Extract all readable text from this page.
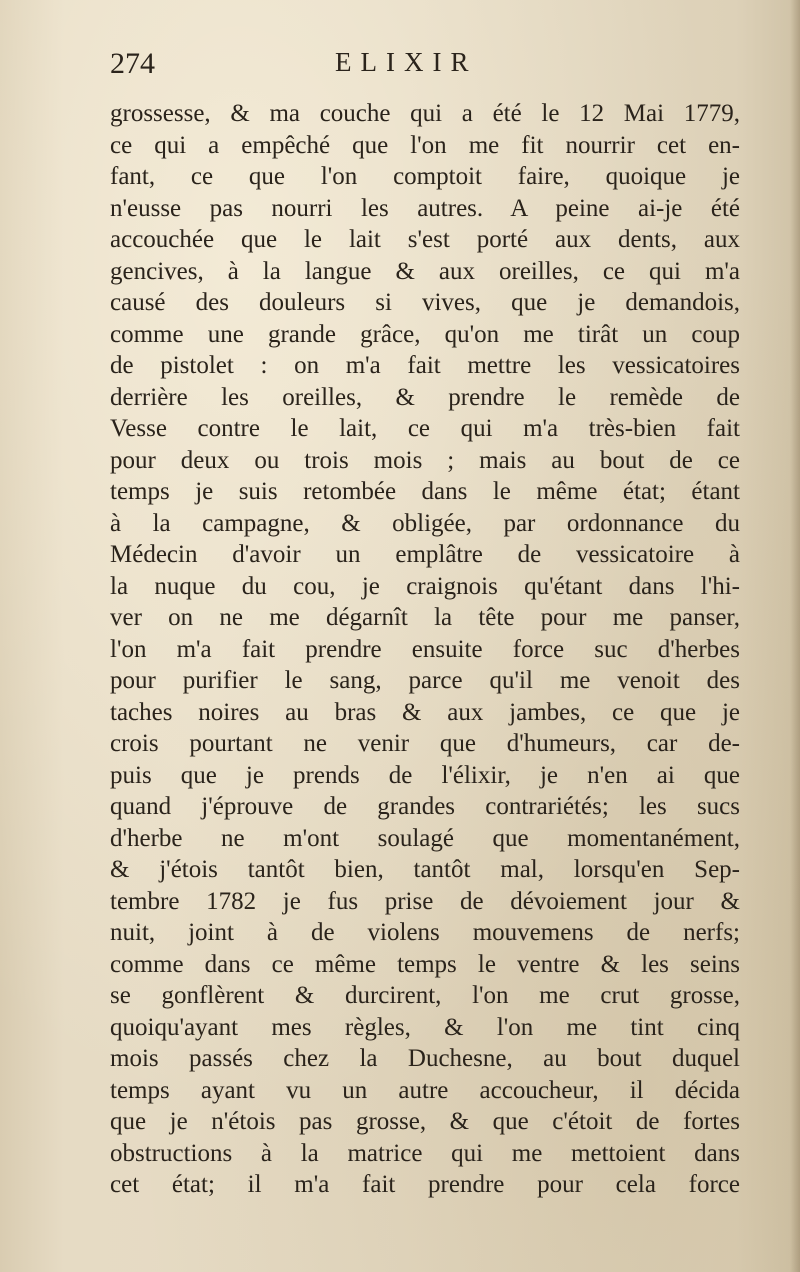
274	ELIXIR
grossesse, & ma couche qui a été le 12 Mai 1779,
ce qui a empêché que l'on me fit nourrir cet en-
fant, ce que l'on comptoit faire, quoique je
n'eusse pas nourri les autres. A peine ai-je été
accouchée que le lait s'est porté aux dents, aux
gencives, à la langue & aux oreilles, ce qui m'a
causé des douleurs si vives, que je demandois,
comme une grande grâce, qu'on me tirât un coup
de pistolet : on m'a fait mettre les vessicatoires
derrière les oreilles, & prendre le remède de
Vesse contre le lait, ce qui m'a très-bien fait
pour deux ou trois mois ; mais au bout de ce
temps je suis retombée dans le même état; étant
à la campagne, & obligée, par ordonnance du
Médecin d'avoir un emplâtre de vessicatoire à
la nuque du cou, je craignois qu'étant dans l'hi-
ver on ne me dégarnît la tête pour me panser,
l'on m'a fait prendre ensuite force suc d'herbes
pour purifier le sang, parce qu'il me venoit des
taches noires au bras & aux jambes, ce que je
crois pourtant ne venir que d'humeurs, car de-
puis que je prends de l'élixir, je n'en ai que
quand j'éprouve de grandes contrariétés; les sucs
d'herbe ne m'ont soulagé que momentanément,
& j'étois tantôt bien, tantôt mal, lorsqu'en Sep-
tembre 1782 je fus prise de dévoiement jour &
nuit, joint à de violens mouvemens de nerfs;
comme dans ce même temps le ventre & les seins
se gonflèrent & durcirent, l'on me crut grosse,
quoiqu'ayant mes règles, & l'on me tint cinq
mois passés chez la Duchesne, au bout duquel
temps ayant vu un autre accoucheur, il décida
que je n'étois pas grosse, & que c'étoit de fortes
obstructions à la matrice qui me mettoient dans
cet état; il m'a fait prendre pour cela force
